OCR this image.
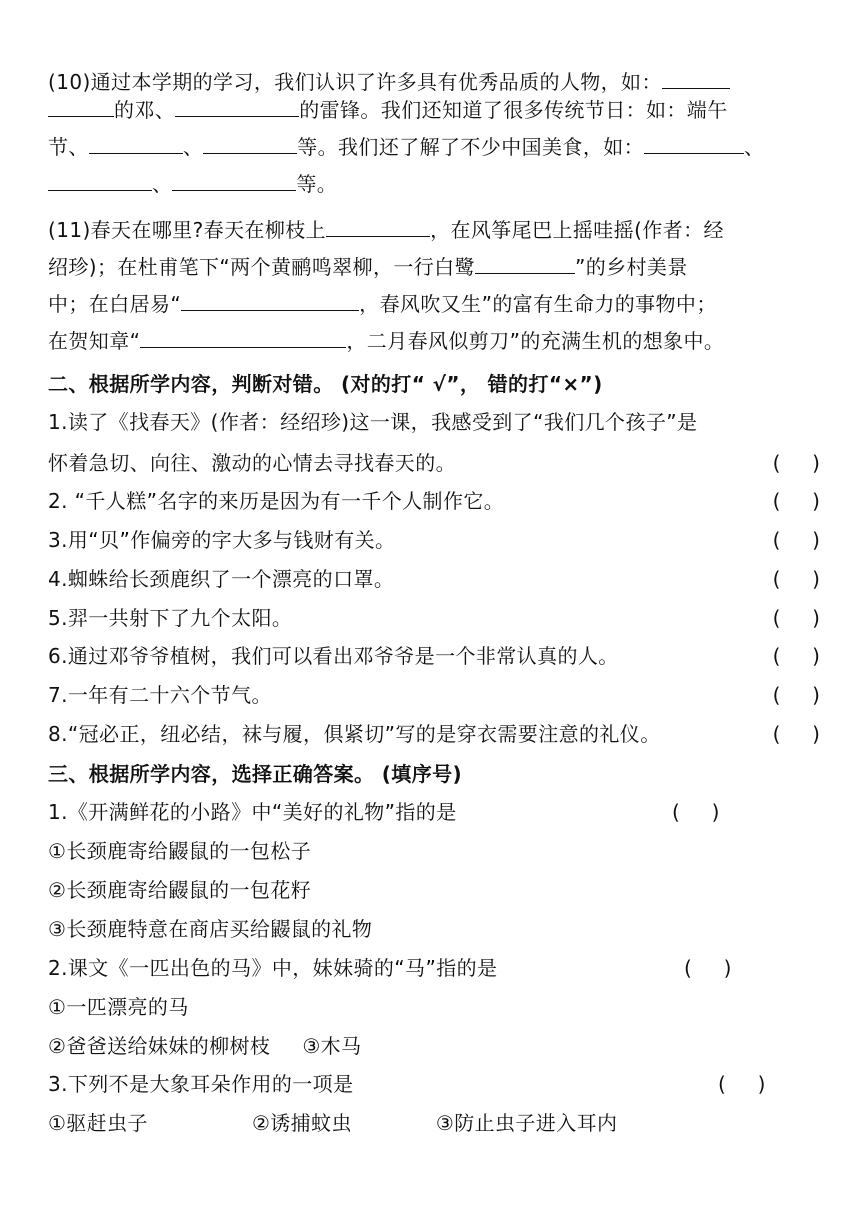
(10)通过本学期的学习，我们认识了许多具有优秀品质的人物，如：
的邓、	的雷锋。我们还知道了很多传统节日：如：端午
节、	、	等。我们还了解了不少中国美食，如：	、
、	等。
(11)春天在哪里?春天在柳枝上	，在风筝尾巴上摇哇摇(作者：经
绍珍)；在杜甫笔下“两个黄鹂鸣翠柳，一行白鹭	”的乡村美景
中；在白居易“	，春风吹又生”的富有生命力的事物中；
在贺知章“	，二月春风似剪刀”的充满生机的想象中。
二、根据所学内容，判断对错。 (对的打“ √”， 错的打“×”)
1.读了《找春天》(作者：经绍珍)这一课，我感受到了“我们几个孩子”是
怀着急切、向往、激动的心情去寻找春天的。	(     )
2. “千人糕”名字的来历是因为有一千个人制作它。	(     )
3.用“贝”作偏旁的字大多与钱财有关。	(     )
4.蜘蛛给长颈鹿织了一个漂亮的口罩。	(     )
5.羿一共射下了九个太阳。	(     )
6.通过邓爷爷植树，我们可以看出邓爷爷是一个非常认真的人。	(     )
7.一年有二十六个节气。	(     )
8.“冠必正，纽必结，袜与履，俱紧切”写的是穿衣需要注意的礼仪。	(     )
三、根据所学内容，选择正确答案。 (填序号)
1.《开满鲜花的小路》中“美好的礼物”指的是	(     )
①长颈鹿寄给鼹鼠的一包松子
②长颈鹿寄给鼹鼠的一包花籽
③长颈鹿特意在商店买给鼹鼠的礼物
2.课文《一匹出色的马》中，妹妹骑的“马”指的是	(     )
①一匹漂亮的马
②爸爸送给妹妹的柳树枝 ③木马
3.下列不是大象耳朵作用的一项是	(     )
①驱赶虫子	②诱捕蚊虫	③防止虫子进入耳内
